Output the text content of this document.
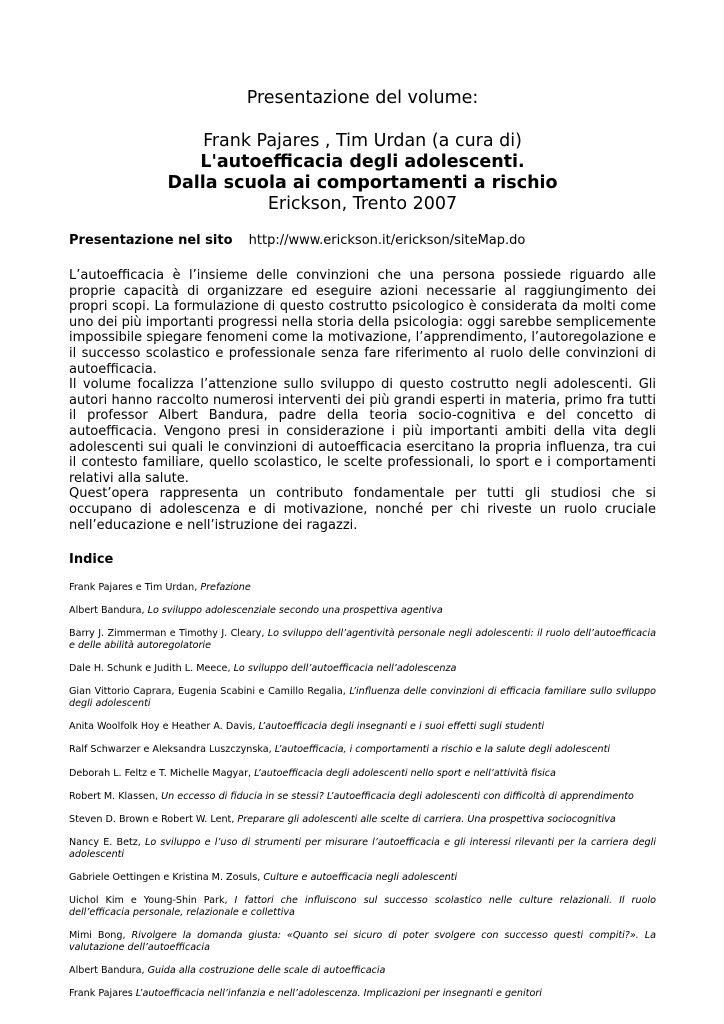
Presentazione del volume:
Frank Pajares , Tim Urdan (a cura di)
L'autoefficacia degli adolescenti.
Dalla scuola ai comportamenti a rischio
Erickson, Trento 2007
Presentazione nel sito http://www.erickson.it/erickson/siteMap.do

L’autoefficacia è l’insieme delle convinzioni che una persona possiede riguardo alle proprie capacità di organizzare ed eseguire azioni necessarie al raggiungimento dei propri scopi. La formulazione di questo costrutto psicologico è considerata da molti come uno dei più importanti progressi nella storia della psicologia: oggi sarebbe semplicemente impossibile spiegare fenomeni come la motivazione, l’apprendimento, l’autoregolazione e il successo scolastico e professionale senza fare riferimento al ruolo delle convinzioni di autoefficacia.

Il volume focalizza l’attenzione sullo sviluppo di questo costrutto negli adolescenti. Gli autori hanno raccolto numerosi interventi dei più grandi esperti in materia, primo fra tutti il professor Albert Bandura, padre della teoria socio-cognitiva e del concetto di autoefficacia. Vengono presi in considerazione i più importanti ambiti della vita degli adolescenti sui quali le convinzioni di autoefficacia esercitano la propria influenza, tra cui il contesto familiare, quello scolastico, le scelte professionali, lo sport e i comportamenti relativi alla salute.

Quest’opera rappresenta un contributo fondamentale per tutti gli studiosi che si occupano di adolescenza e di motivazione, nonché per chi riveste un ruolo cruciale nell’educazione e nell’istruzione dei ragazzi.

Indice
Frank Pajares e Tim Urdan, Prefazione
Albert Bandura, Lo sviluppo adolescenziale secondo una prospettiva agentiva
Barry J. Zimmerman e Timothy J. Cleary, Lo sviluppo dell’agentività personale negli adolescenti: il ruolo dell’autoefficacia e delle abilità autoregolatorie
Dale H. Schunk e Judith L. Meece, Lo sviluppo dell’autoefficacia nell’adolescenza
Gian Vittorio Caprara, Eugenia Scabini e Camillo Regalia, L’influenza delle convinzioni di efficacia familiare sullo sviluppo degli adolescenti
Anita Woolfolk Hoy e Heather A. Davis, L’autoefficacia degli insegnanti e i suoi effetti sugli studenti
Ralf Schwarzer e Aleksandra Luszczynska, L’autoefficacia, i comportamenti a rischio e la salute degli adolescenti
Deborah L. Feltz e T. Michelle Magyar, L’autoefficacia degli adolescenti nello sport e nell’attività fisica
Robert M. Klassen, Un eccesso di fiducia in se stessi? L’autoefficacia degli adolescenti con difficoltà di apprendimento
Steven D. Brown e Robert W. Lent, Preparare gli adolescenti alle scelte di carriera. Una prospettiva sociocognitiva
Nancy E. Betz, Lo sviluppo e l’uso di strumenti per misurare l’autoefficacia e gli interessi rilevanti per la carriera degli adolescenti
Gabriele Oettingen e Kristina M. Zosuls, Culture e autoefficacia negli adolescenti
Uichol Kim e Young-Shin Park, I fattori che influiscono sul successo scolastico nelle culture relazionali. Il ruolo dell’efficacia personale, relazionale e collettiva
Mimi Bong, Rivolgere la domanda giusta: «Quanto sei sicuro di poter svolgere con successo questi compiti?». La valutazione dell’autoefficacia
Albert Bandura, Guida alla costruzione delle scale di autoefficacia
Frank Pajares L’autoefficacia nell’infanzia e nell’adolescenza. Implicazioni per insegnanti e genitori
